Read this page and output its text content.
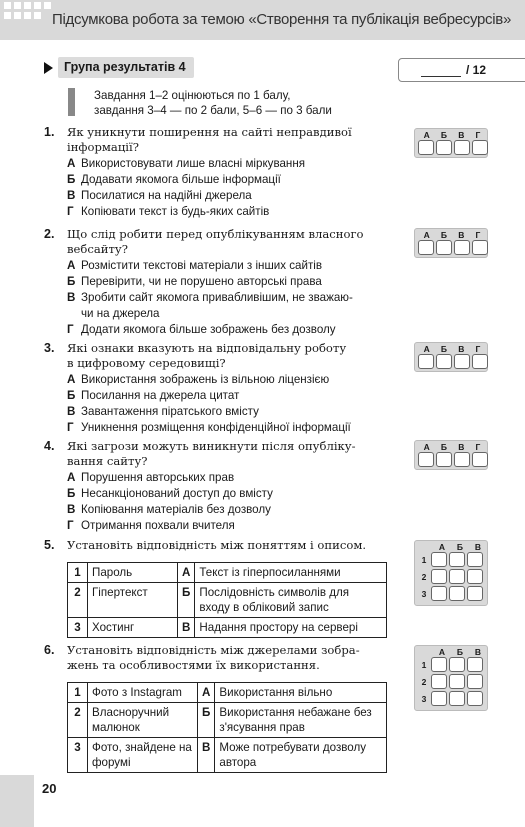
Підсумкова робота за темою «Створення та публікація вебресурсів»
Група результатів 4	/ 12
Завдання 1–2 оцінюються по 1 балу,
завдання 3–4 — по 2 бали, 5–6 — по 3 бали
1. Як уникнути поширення на сайті неправдивої
інформації?
А Використовувати лише власні міркування
Б Додавати якомога більше інформації
В Посилатися на надійні джерела
Г Копіювати текст із будь-яких сайтів
А Б В Г
2. Що слід робити перед опублікуванням власного
вебсайту?
А Розмістити текстові матеріали з інших сайтів
Б Перевірити, чи не порушено авторські права
В Зробити сайт якомога привабливішим, не зважаю-
чи на джерела
Г Додати якомога більше зображень без дозволу
А Б В Г
3. Які ознаки вказують на відповідальну роботу
в цифровому середовищі?
А Використання зображень із вільною ліцензією
Б Посилання на джерела цитат
В Завантаження піратського вмісту
Г Уникнення розміщення конфіденційної інформації
А Б В Г
4. Які загрози можуть виникнути після опубліку-
вання сайту?
А Порушення авторських прав
Б Несанкціонований доступ до вмісту
В Копіювання матеріалів без дозволу
Г Отримання похвали вчителя
А Б В Г
5. Установіть відповідність між поняттям і описом.
1	Пароль	А	Текст із гіперпосиланнями
2	Гіпертекст	Б	Послідовність символів для входу в обліковий запис
3	Хостинг	В	Надання простору на сервері
А Б В
1
2
3
6. Установіть відповідність між джерелами зобра-
жень та особливостями їх використання.
1	Фото з Instagram	А	Використання вільно
2	Власноручний малюнок	Б	Використання небажане без з'ясування прав
3	Фото, знайдене на форумі	В	Може потребувати дозволу автора
А Б В
1
2
3
20
